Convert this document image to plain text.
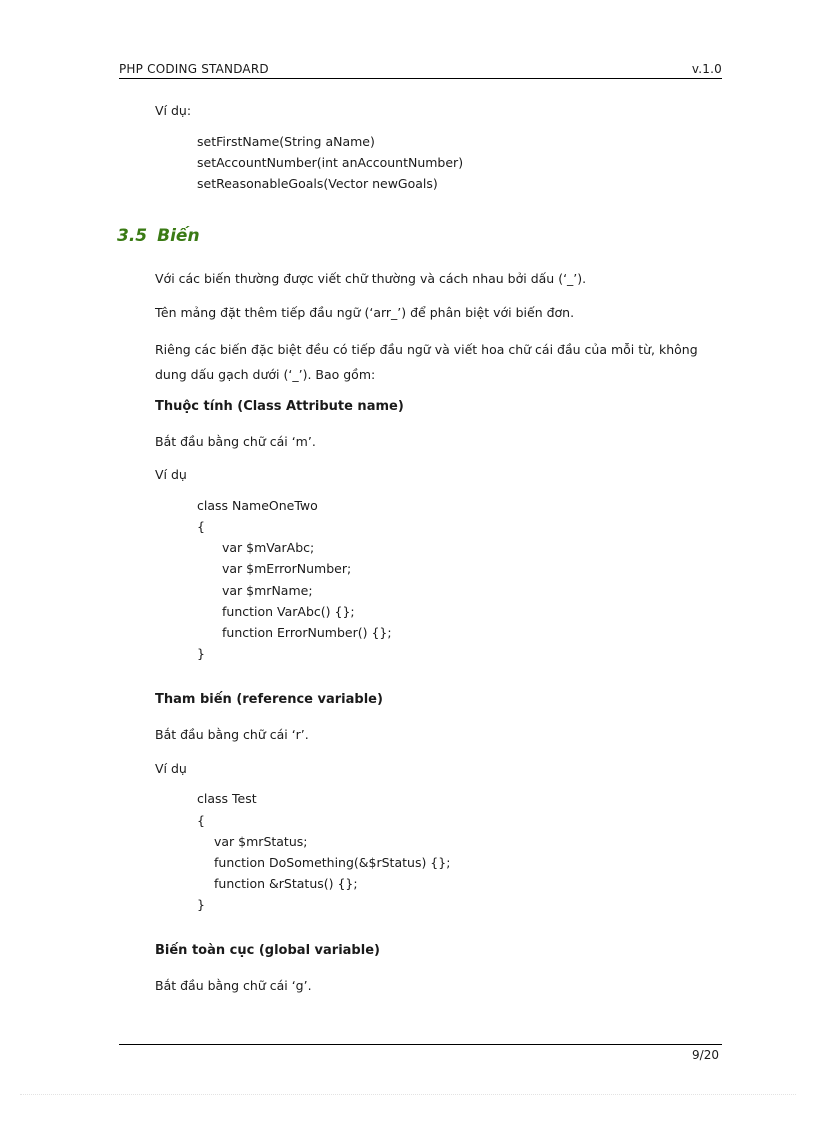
PHP CODING STANDARD	v.1.0
Ví dụ:
setFirstName(String aName)
setAccountNumber(int anAccountNumber)
setReasonableGoals(Vector newGoals)
3.5 Biến
Với các biến thường được viết chữ thường và cách nhau bởi dấu (‘_’).
Tên mảng đặt thêm tiếp đầu ngữ (‘arr_’) để phân biệt với biến đơn.
Riêng các biến đặc biệt đều có tiếp đầu ngữ và viết hoa chữ cái đầu của mỗi từ, không dung dấu gạch dưới (‘_’). Bao gồm:
Thuộc tính (Class Attribute name)
Bắt đầu bằng chữ cái ‘m’.
Ví dụ
class NameOneTwo
{
var $mVarAbc;
var $mErrorNumber;
var $mrName;
function VarAbc() {};
function ErrorNumber() {};
}
Tham biến (reference variable)
Bắt đầu bằng chữ cái ‘r’.
Ví dụ
class Test
{
var $mrStatus;
function DoSomething(&$rStatus) {};
function &rStatus() {};
}
Biến toàn cục (global variable)
Bắt đầu bằng chữ cái ‘g’.
9/20
